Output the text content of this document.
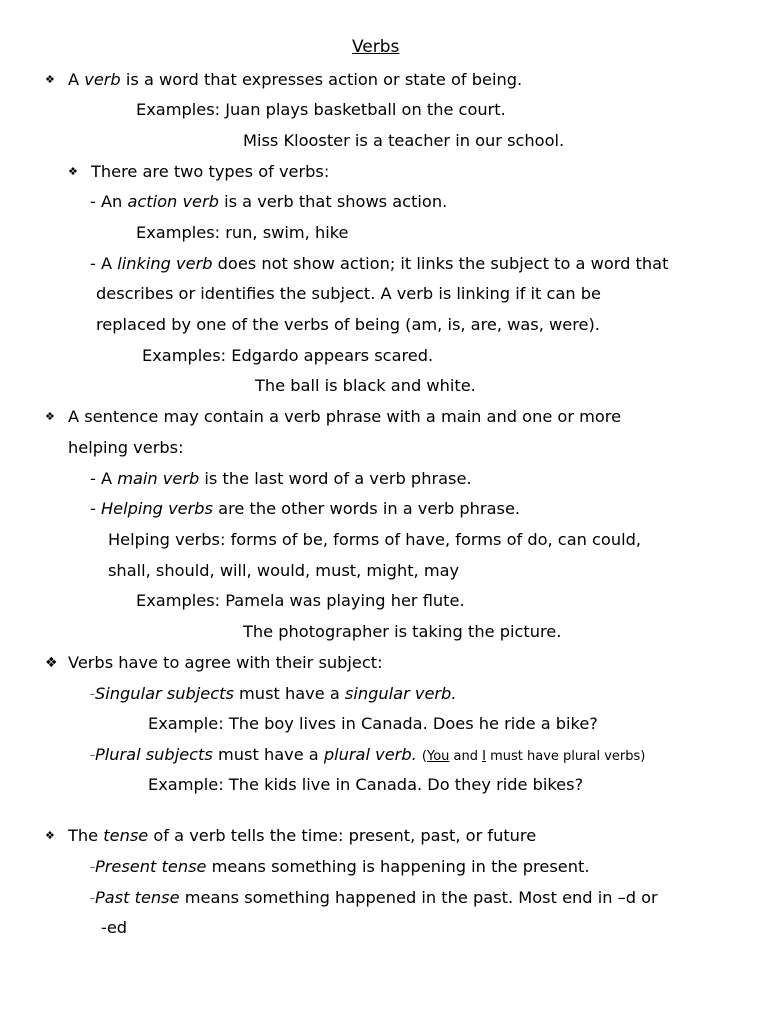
Verbs
❖ A verb is a word that expresses action or state of being.
Examples: Juan plays basketball on the court.
Miss Klooster is a teacher in our school.
❖ There are two types of verbs:
- An action verb is a verb that shows action.
Examples: run, swim, hike
- A linking verb does not show action; it links the subject to a word that
describes or identifies the subject. A verb is linking if it can be
replaced by one of the verbs of being (am, is, are, was, were).
Examples: Edgardo appears scared.
The ball is black and white.
❖ A sentence may contain a verb phrase with a main and one or more
helping verbs:
- A main verb is the last word of a verb phrase.
- Helping verbs are the other words in a verb phrase.
Helping verbs: forms of be, forms of have, forms of do, can could,
shall, should, will, would, must, might, may
Examples: Pamela was playing her flute.
The photographer is taking the picture.
❖ Verbs have to agree with their subject:
–Singular subjects must have a singular verb.
Example: The boy lives in Canada. Does he ride a bike?
–Plural subjects must have a plural verb. (You and I must have plural verbs)
Example: The kids live in Canada. Do they ride bikes?
❖ The tense of a verb tells the time: present, past, or future
–Present tense means something is happening in the present.
–Past tense means something happened in the past. Most end in –d or
-ed
